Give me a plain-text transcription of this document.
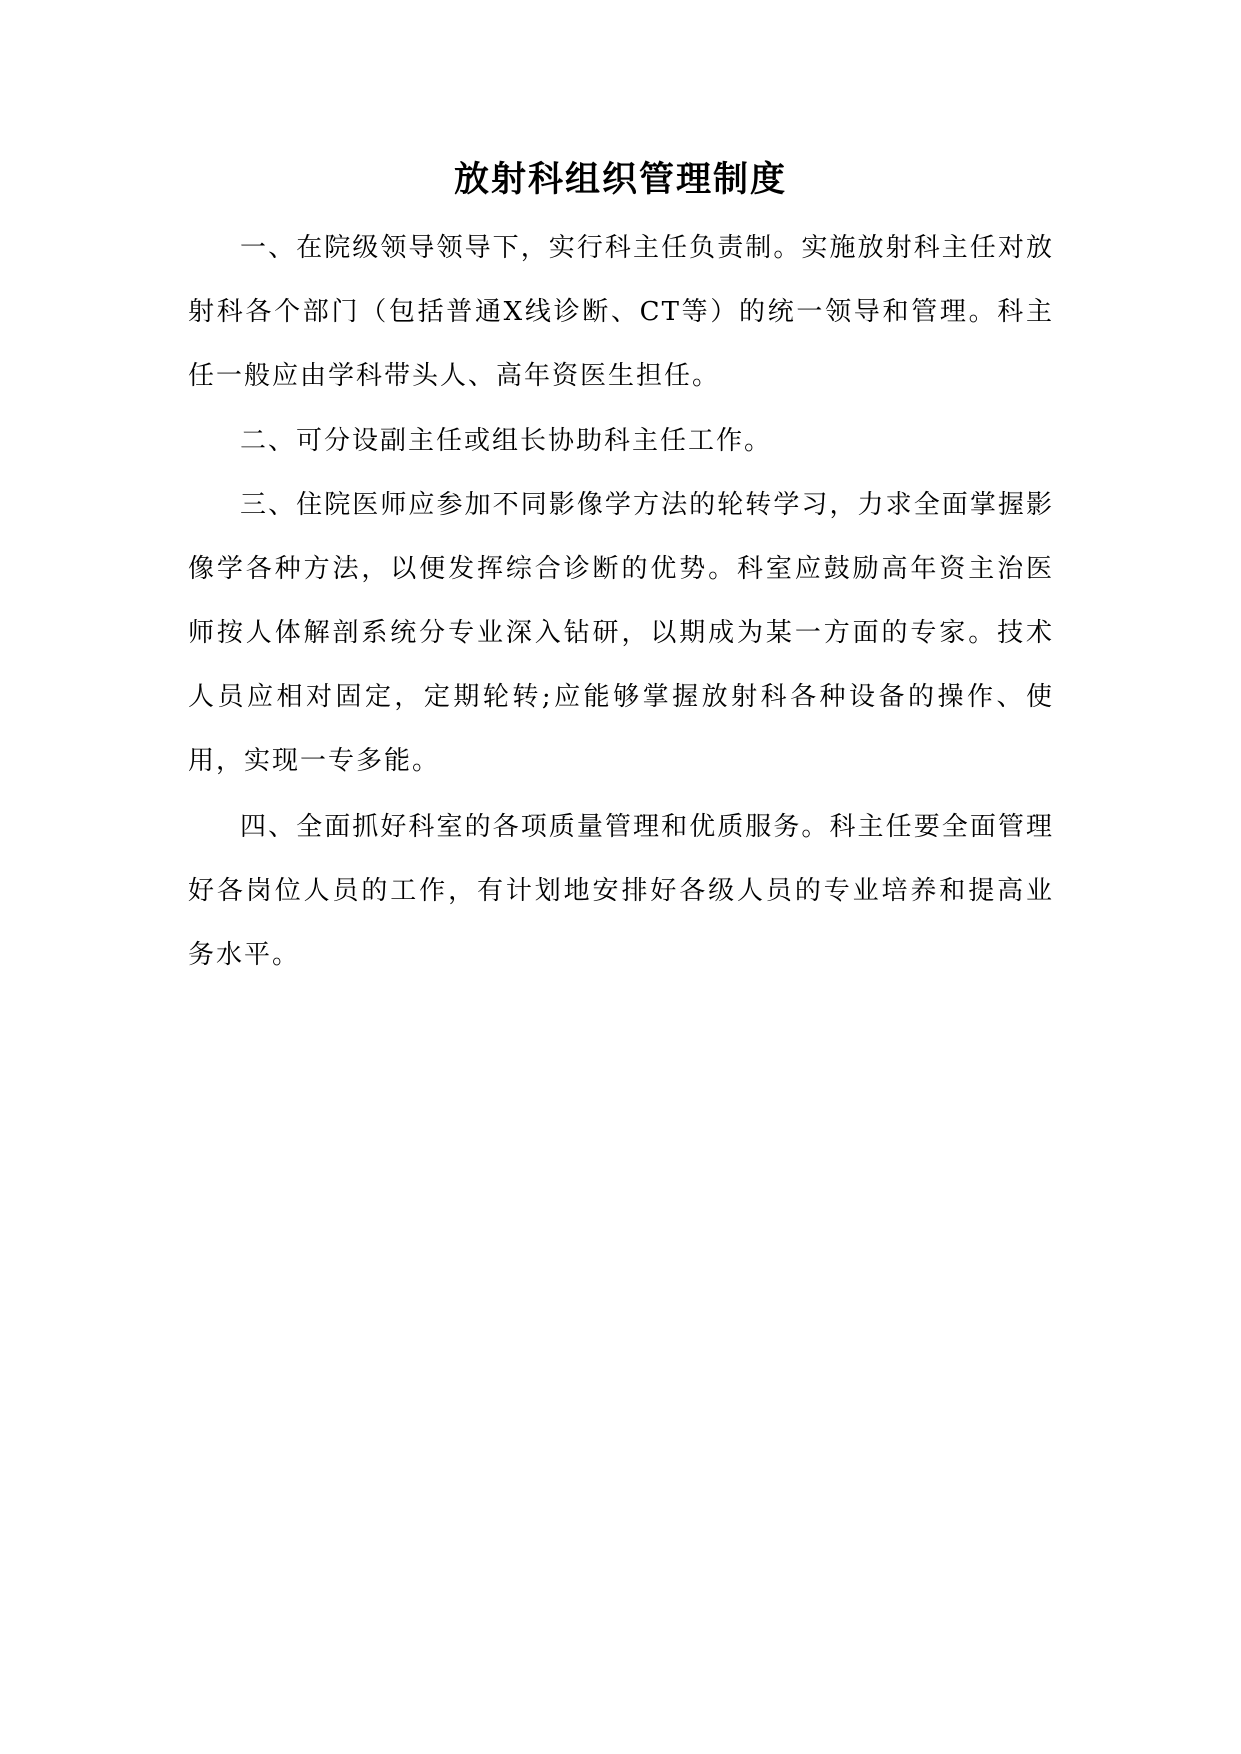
放射科组织管理制度

一、在院级领导领导下，实行科主任负责制。实施放射科主任对放射科各个部门（包括普通X线诊断、CT等）的统一领导和管理。科主任一般应由学科带头人、高年资医生担任。

二、可分设副主任或组长协助科主任工作。

三、住院医师应参加不同影像学方法的轮转学习，力求全面掌握影像学各种方法，以便发挥综合诊断的优势。科室应鼓励高年资主治医师按人体解剖系统分专业深入钻研，以期成为某一方面的专家。技术人员应相对固定，定期轮转;应能够掌握放射科各种设备的操作、使用，实现一专多能。

四、全面抓好科室的各项质量管理和优质服务。科主任要全面管理好各岗位人员的工作，有计划地安排好各级人员的专业培养和提高业务水平。
